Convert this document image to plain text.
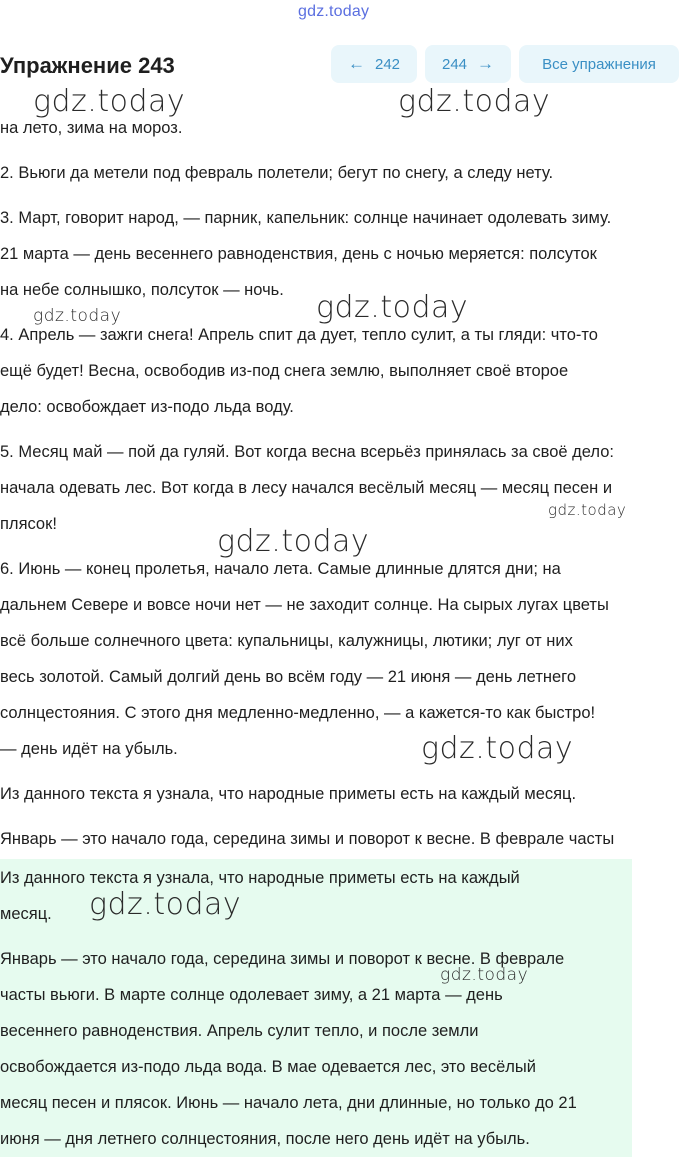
gdz.today
Упражнение 243	← 242	244 →	Все упражнения

на лето, зима на мороз.

2. Вьюги да метели под февраль полетели; бегут по снегу, а следу нету.

3. Март, говорит народ, — парник, капельник: солнце начинает одолевать зиму.

21 марта — день весеннего равноденствия, день с ночью меряется: полсуток

на небе солнышко, полсуток — ночь.

4. Апрель — зажги снега! Апрель спит да дует, тепло сулит, а ты гляди: что-то

ещё будет! Весна, освободив из-под снега землю, выполняет своё второе

дело: освобождает из-подо льда воду.

5. Месяц май — пой да гуляй. Вот когда весна всерьёз принялась за своё дело:

начала одевать лес. Вот когда в лесу начался весёлый месяц — месяц песен и

плясок!

6. Июнь — конец пролетья, начало лета. Самые длинные длятся дни; на

дальнем Севере и вовсе ночи нет — не заходит солнце. На сырых лугах цветы

всё больше солнечного цвета: купальницы, калужницы, лютики; луг от них

весь золотой. Самый долгий день во всём году — 21 июня — день летнего

солнцестояния. С этого дня медленно-медленно, — а кажется-то как быстро!

— день идёт на убыль.

Из данного текста я узнала, что народные приметы есть на каждый месяц.

Январь — это начало года, середина зимы и поворот к весне. В феврале часты

Из данного текста я узнала, что народные приметы есть на каждый

месяц.

Январь — это начало года, середина зимы и поворот к весне. В феврале

часты вьюги. В марте солнце одолевает зиму, а 21 марта — день

весеннего равноденствия. Апрель сулит тепло, и после земли

освобождается из-подо льда вода. В мае одевается лес, это весёлый

месяц песен и плясок. Июнь — начало лета, дни длинные, но только до 21

июня — дня летнего солнцестояния, после него день идёт на убыль.

gdz.today	gdz.today
gdz.today
gdz.today
gdz.today
gdz.today
gdz.today
gdz.today
gdz.today
